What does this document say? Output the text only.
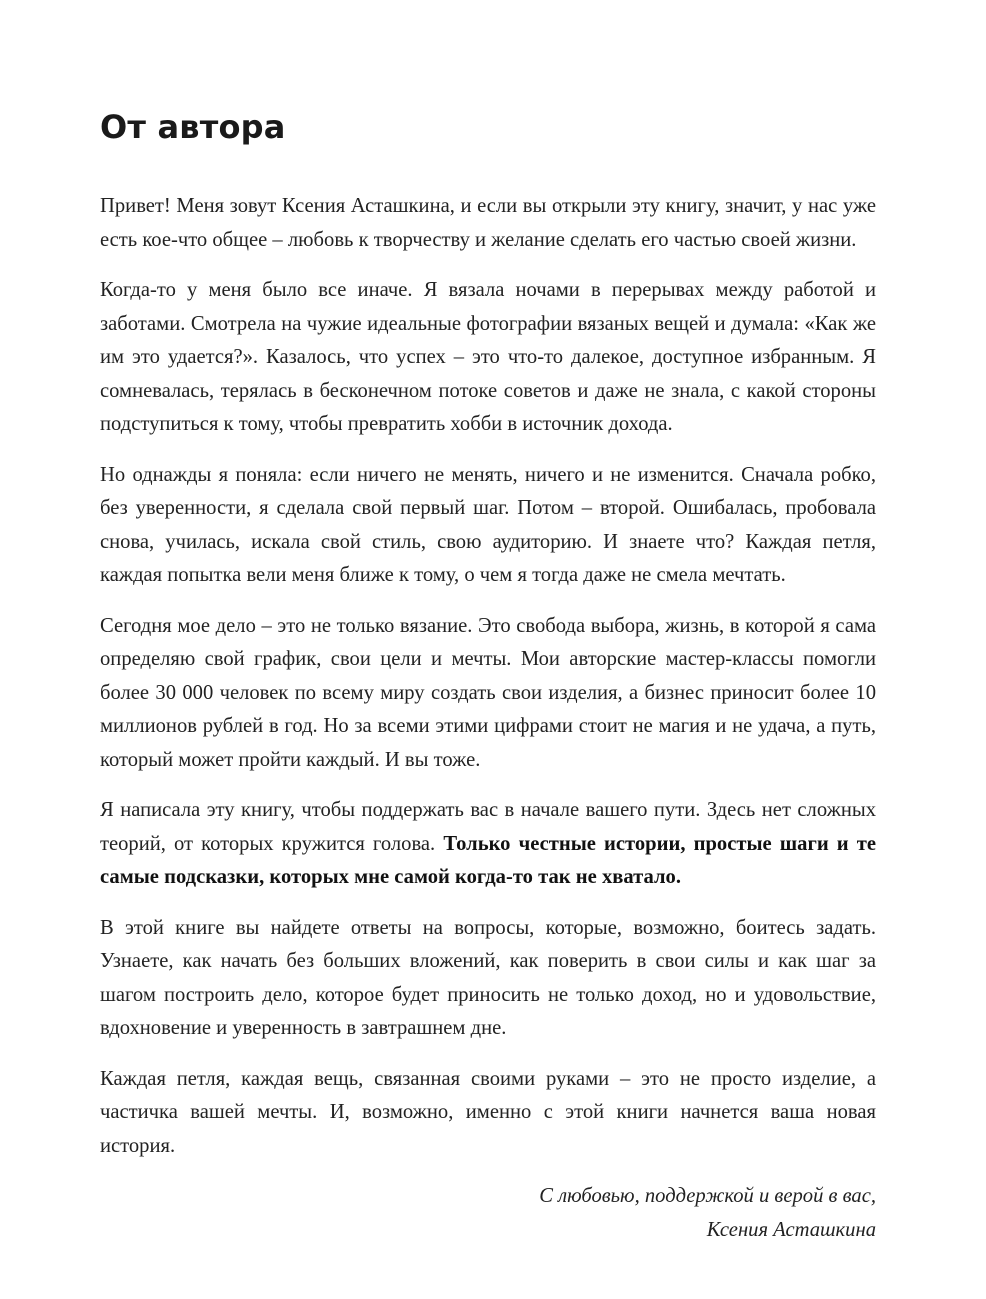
От автора

Привет! Меня зовут Ксения Асташкина, и если вы открыли эту книгу, значит, у нас уже есть кое-что общее – любовь к творчеству и желание сделать его частью своей жизни.

Когда-то у меня было все иначе. Я вязала ночами в перерывах между работой и заботами. Смотрела на чужие идеальные фотографии вязаных вещей и думала: «Как же им это удается?». Казалось, что успех – это что-то далекое, доступное избранным. Я сомневалась, терялась в бесконечном потоке советов и даже не знала, с какой стороны подступиться к тому, чтобы превратить хобби в источник дохода.

Но однажды я поняла: если ничего не менять, ничего и не изменится. Сначала робко, без уверенности, я сделала свой первый шаг. Потом – второй. Ошибалась, пробовала снова, училась, искала свой стиль, свою аудиторию. И знаете что? Каждая петля, каждая попытка вели меня ближе к тому, о чем я тогда даже не смела мечтать.

Сегодня мое дело – это не только вязание. Это свобода выбора, жизнь, в которой я сама определяю свой график, свои цели и мечты. Мои авторские мастер-классы помогли более 30 000 человек по всему миру создать свои изделия, а бизнес приносит более 10 миллионов рублей в год. Но за всеми этими цифрами стоит не магия и не удача, а путь, который может пройти каждый. И вы тоже.

Я написала эту книгу, чтобы поддержать вас в начале вашего пути. Здесь нет сложных теорий, от которых кружится голова. Только честные истории, простые шаги и те самые подсказки, которых мне самой когда-то так не хватало.

В этой книге вы найдете ответы на вопросы, которые, возможно, боитесь задать. Узнаете, как начать без больших вложений, как поверить в свои силы и как шаг за шагом построить дело, которое будет приносить не только доход, но и удовольствие, вдохновение и уверенность в завтрашнем дне.

Каждая петля, каждая вещь, связанная своими руками – это не просто изделие, а частичка вашей мечты. И, возможно, именно с этой книги начнется ваша новая история.

С любовью, поддержкой и верой в вас,
Ксения Асташкина
